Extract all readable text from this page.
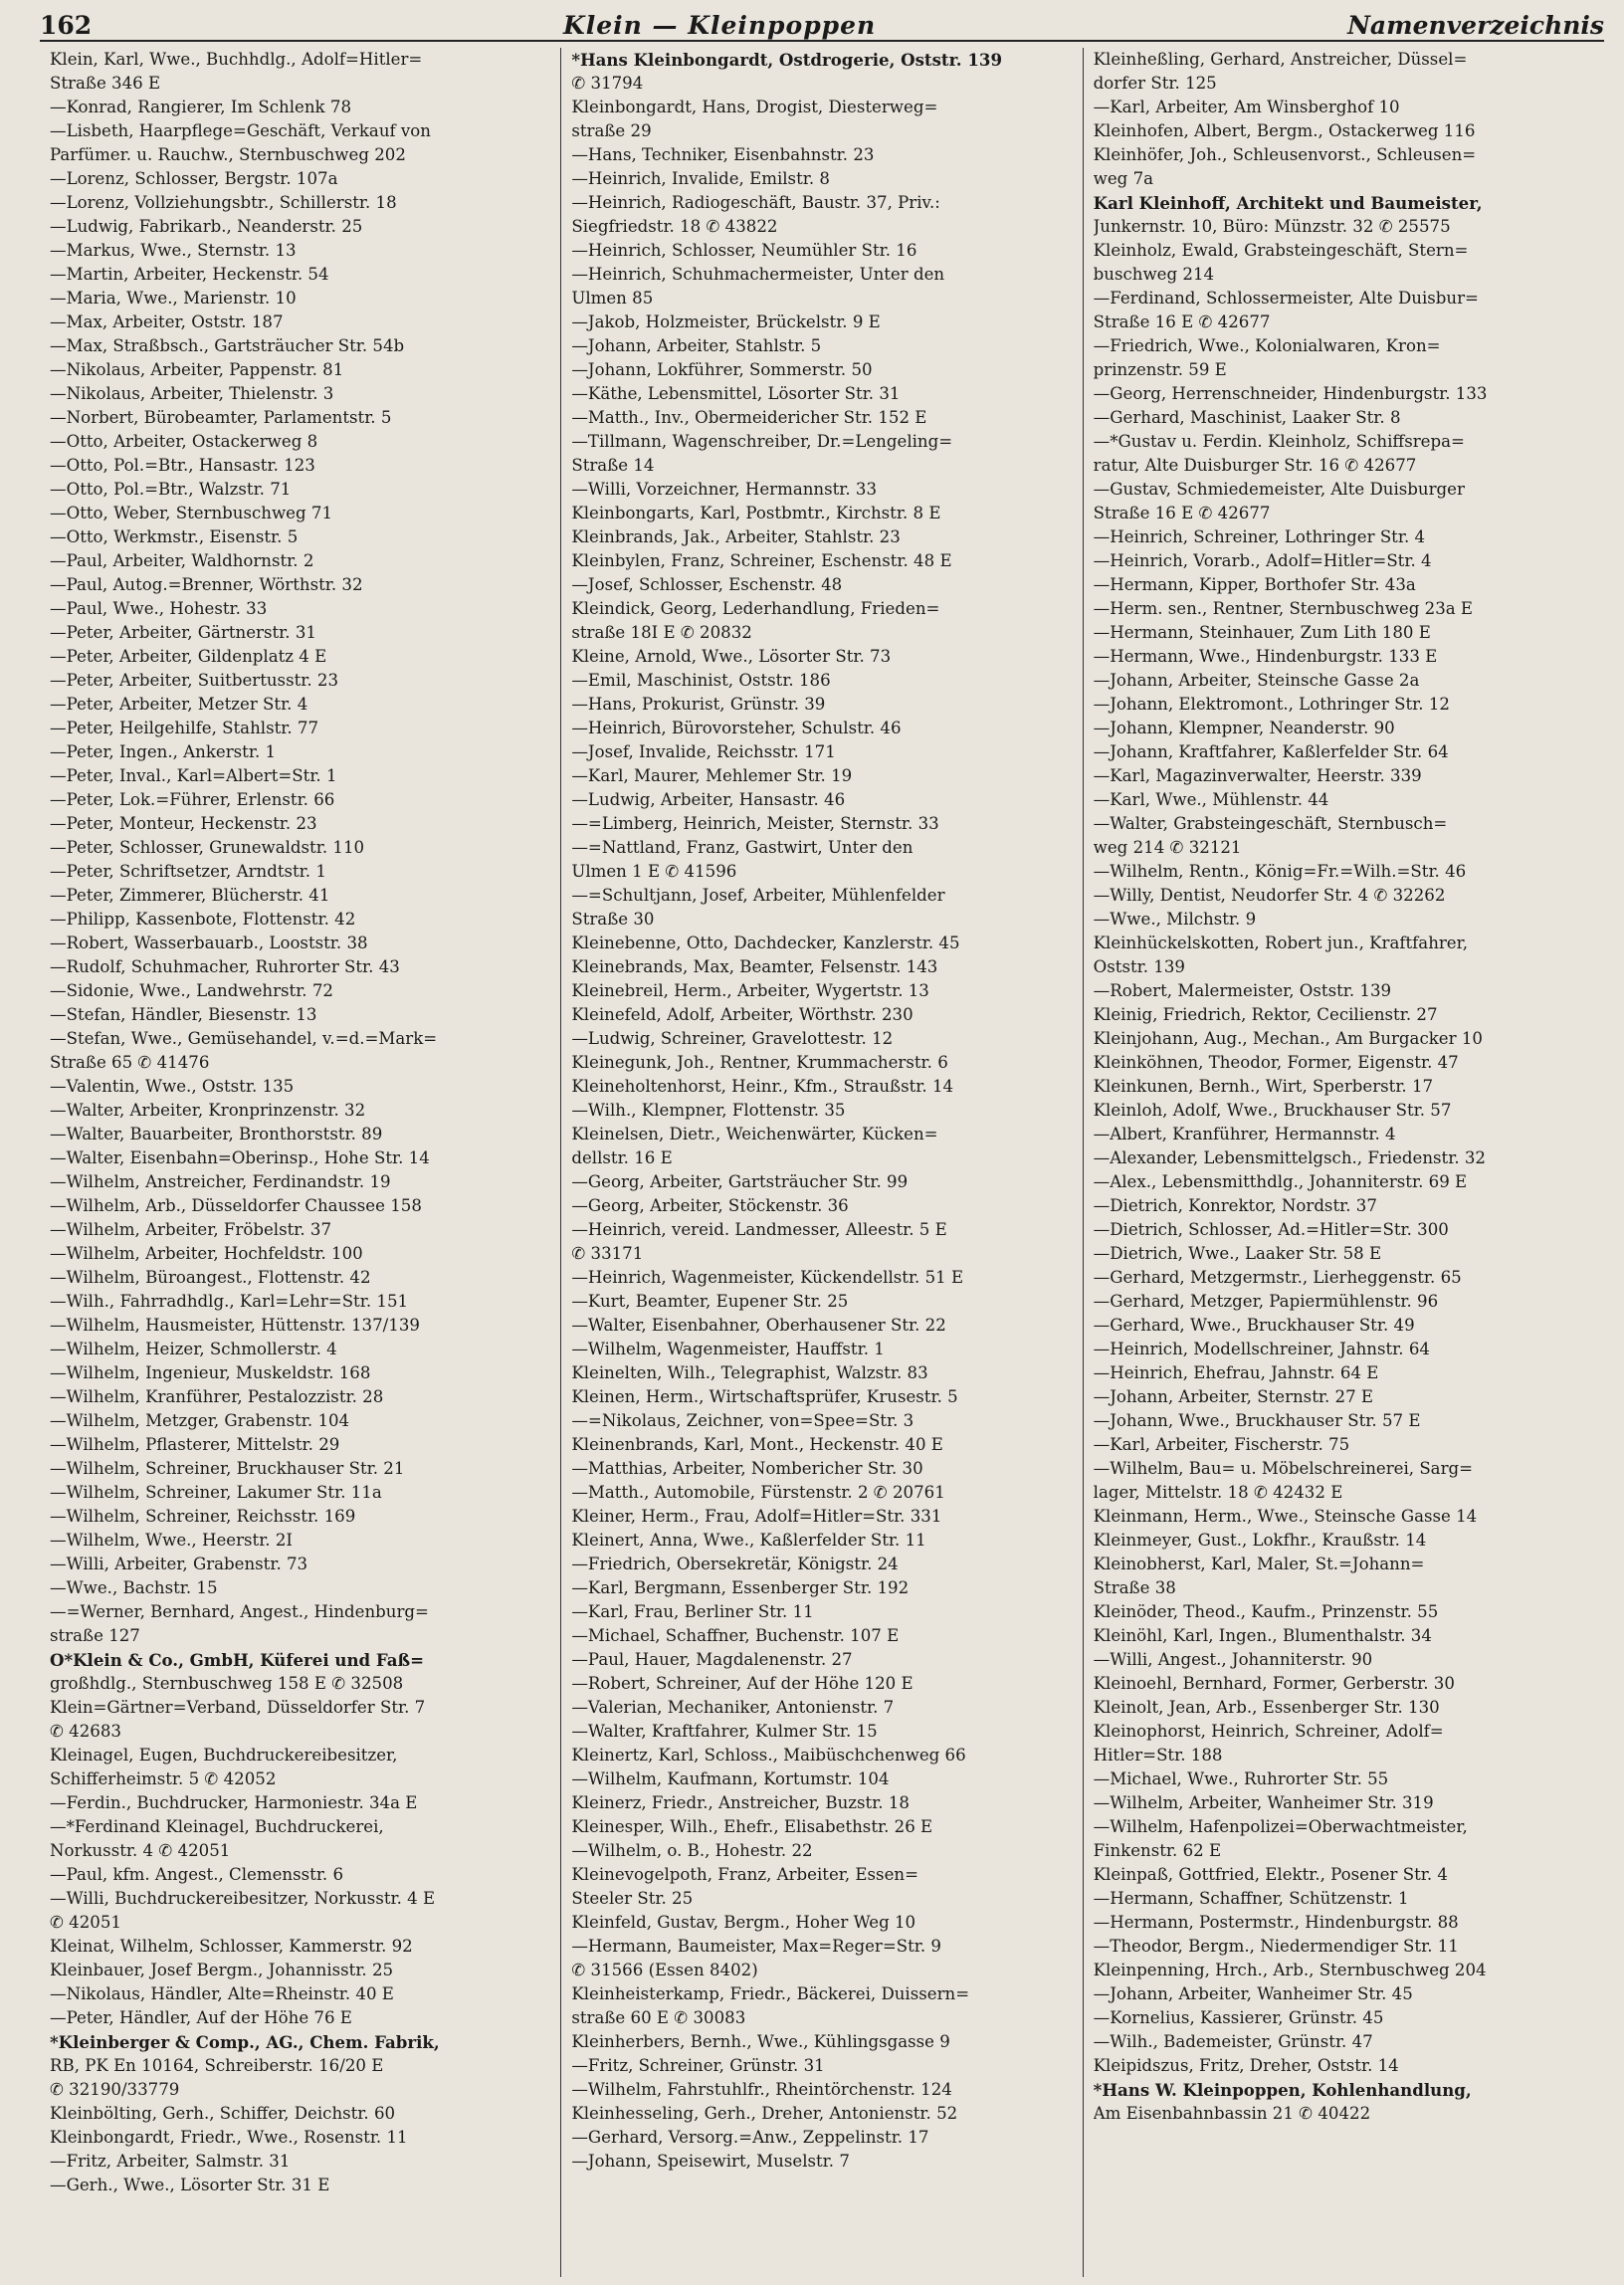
162	Klein — Kleinpoppen	Namenverzeichnis
Klein, Karl, Wwe., Buchhdlg., Adolf=Hitler=
Straße 346 E
—Konrad, Rangierer, Im Schlenk 78
—Lisbeth, Haarpflege=Geschäft, Verkauf von
Parfümer. u. Rauchw., Sternbuschweg 202
—Lorenz, Schlosser, Bergstr. 107a
—Lorenz, Vollziehungsbtr., Schillerstr. 18
—Ludwig, Fabrikarb., Neanderstr. 25
—Markus, Wwe., Sternstr. 13
—Martin, Arbeiter, Heckenstr. 54
—Maria, Wwe., Marienstr. 10
—Max, Arbeiter, Oststr. 187
—Max, Straßbsch., Gartsträucher Str. 54b
—Nikolaus, Arbeiter, Pappenstr. 81
—Nikolaus, Arbeiter, Thielenstr. 3
—Norbert, Bürobeamter, Parlamentstr. 5
—Otto, Arbeiter, Ostackerweg 8
—Otto, Pol.=Btr., Hansastr. 123
—Otto, Pol.=Btr., Walzstr. 71
—Otto, Weber, Sternbuschweg 71
—Otto, Werkmstr., Eisenstr. 5
—Paul, Arbeiter, Waldhornstr. 2
—Paul, Autog.=Brenner, Wörthstr. 32
—Paul, Wwe., Hohestr. 33
—Peter, Arbeiter, Gärtnerstr. 31
—Peter, Arbeiter, Gildenplatz 4 E
—Peter, Arbeiter, Suitbertusstr. 23
—Peter, Arbeiter, Metzer Str. 4
—Peter, Heilgehilfe, Stahlstr. 77
—Peter, Ingen., Ankerstr. 1
—Peter, Inval., Karl=Albert=Str. 1
—Peter, Lok.=Führer, Erlenstr. 66
—Peter, Monteur, Heckenstr. 23
—Peter, Schlosser, Grunewaldstr. 110
—Peter, Schriftsetzer, Arndtstr. 1
—Peter, Zimmerer, Blücherstr. 41
—Philipp, Kassenbote, Flottenstr. 42
—Robert, Wasserbauarb., Looststr. 38
—Rudolf, Schuhmacher, Ruhrorter Str. 43
—Sidonie, Wwe., Landwehrstr. 72
—Stefan, Händler, Biesenstr. 13
—Stefan, Wwe., Gemüsehandel, v.=d.=Mark=
Straße 65 ✆ 41476
—Valentin, Wwe., Oststr. 135
—Walter, Arbeiter, Kronprinzenstr. 32
—Walter, Bauarbeiter, Bronthorststr. 89
—Walter, Eisenbahn=Oberinsp., Hohe Str. 14
—Wilhelm, Anstreicher, Ferdinandstr. 19
—Wilhelm, Arb., Düsseldorfer Chaussee 158
—Wilhelm, Arbeiter, Fröbelstr. 37
—Wilhelm, Arbeiter, Hochfeldstr. 100
—Wilhelm, Büroangest., Flottenstr. 42
—Wilh., Fahrradhdlg., Karl=Lehr=Str. 151
—Wilhelm, Hausmeister, Hüttenstr. 137/139
—Wilhelm, Heizer, Schmollerstr. 4
—Wilhelm, Ingenieur, Muskeldstr. 168
—Wilhelm, Kranführer, Pestalozzistr. 28
—Wilhelm, Metzger, Grabenstr. 104
—Wilhelm, Pflasterer, Mittelstr. 29
—Wilhelm, Schreiner, Bruckhauser Str. 21
—Wilhelm, Schreiner, Lakumer Str. 11a
—Wilhelm, Schreiner, Reichsstr. 169
—Wilhelm, Wwe., Heerstr. 2I
—Willi, Arbeiter, Grabenstr. 73
—Wwe., Bachstr. 15
—=Werner, Bernhard, Angest., Hindenburg=
straße 127
O*Klein & Co., GmbH, Küferei und Faß=
großhdlg., Sternbuschweg 158 E ✆ 32508
Klein=Gärtner=Verband, Düsseldorfer Str. 7
✆ 42683
Kleinagel, Eugen, Buchdruckereibesitzer,
Schifferheimstr. 5 ✆ 42052
—Ferdin., Buchdrucker, Harmoniestr. 34a E
—*Ferdinand Kleinagel, Buchdruckerei,
Norkusstr. 4 ✆ 42051
—Paul, kfm. Angest., Clemensstr. 6
—Willi, Buchdruckereibesitzer, Norkusstr. 4 E
✆ 42051
Kleinat, Wilhelm, Schlosser, Kammerstr. 92
Kleinbauer, Josef Bergm., Johannisstr. 25
—Nikolaus, Händler, Alte=Rheinstr. 40 E
—Peter, Händler, Auf der Höhe 76 E
*Kleinberger & Comp., AG., Chem. Fabrik,
RB, PK En 10164, Schreiberstr. 16/20 E
✆ 32190/33779
Kleinbölting, Gerh., Schiffer, Deichstr. 60
Kleinbongardt, Friedr., Wwe., Rosenstr. 11
—Fritz, Arbeiter, Salmstr. 31
—Gerh., Wwe., Lösorter Str. 31 E
*Hans Kleinbongardt, Ostdrogerie, Oststr. 139
✆ 31794
Kleinbongardt, Hans, Drogist, Diesterweg=
straße 29
—Hans, Techniker, Eisenbahnstr. 23
—Heinrich, Invalide, Emilstr. 8
—Heinrich, Radiogeschäft, Baustr. 37, Priv.:
Siegfriedstr. 18 ✆ 43822
—Heinrich, Schlosser, Neumühler Str. 16
—Heinrich, Schuhmachermeister, Unter den
Ulmen 85
—Jakob, Holzmeister, Brückelstr. 9 E
—Johann, Arbeiter, Stahlstr. 5
—Johann, Lokführer, Sommerstr. 50
—Käthe, Lebensmittel, Lösorter Str. 31
—Matth., Inv., Obermeidericher Str. 152 E
—Tillmann, Wagenschreiber, Dr.=Lengeling=
Straße 14
—Willi, Vorzeichner, Hermannstr. 33
Kleinbongarts, Karl, Postbmtr., Kirchstr. 8 E
Kleinbrands, Jak., Arbeiter, Stahlstr. 23
Kleinbylen, Franz, Schreiner, Eschenstr. 48 E
—Josef, Schlosser, Eschenstr. 48
Kleindick, Georg, Lederhandlung, Frieden=
straße 18I E ✆ 20832
Kleine, Arnold, Wwe., Lösorter Str. 73
—Emil, Maschinist, Oststr. 186
—Hans, Prokurist, Grünstr. 39
—Heinrich, Bürovorsteher, Schulstr. 46
—Josef, Invalide, Reichsstr. 171
—Karl, Maurer, Mehlemer Str. 19
—Ludwig, Arbeiter, Hansastr. 46
—=Limberg, Heinrich, Meister, Sternstr. 33
—=Nattland, Franz, Gastwirt, Unter den
Ulmen 1 E ✆ 41596
—=Schultjann, Josef, Arbeiter, Mühlenfelder
Straße 30
Kleinebenne, Otto, Dachdecker, Kanzlerstr. 45
Kleinebrands, Max, Beamter, Felsenstr. 143
Kleinebreil, Herm., Arbeiter, Wygertstr. 13
Kleinefeld, Adolf, Arbeiter, Wörthstr. 230
—Ludwig, Schreiner, Gravelottestr. 12
Kleinegunk, Joh., Rentner, Krummacherstr. 6
Kleineholtenhorst, Heinr., Kfm., Straußstr. 14
—Wilh., Klempner, Flottenstr. 35
Kleinelsen, Dietr., Weichenwärter, Kücken=
dellstr. 16 E
—Georg, Arbeiter, Gartsträucher Str. 99
—Georg, Arbeiter, Stöckenstr. 36
—Heinrich, vereid. Landmesser, Alleestr. 5 E
✆ 33171
—Heinrich, Wagenmeister, Kückendellstr. 51 E
—Kurt, Beamter, Eupener Str. 25
—Walter, Eisenbahner, Oberhausener Str. 22
—Wilhelm, Wagenmeister, Hauffstr. 1
Kleinelten, Wilh., Telegraphist, Walzstr. 83
Kleinen, Herm., Wirtschaftsprüfer, Krusestr. 5
—=Nikolaus, Zeichner, von=Spee=Str. 3
Kleinenbrands, Karl, Mont., Heckenstr. 40 E
—Matthias, Arbeiter, Nombericher Str. 30
—Matth., Automobile, Fürstenstr. 2 ✆ 20761
Kleiner, Herm., Frau, Adolf=Hitler=Str. 331
Kleinert, Anna, Wwe., Kaßlerfelder Str. 11
—Friedrich, Obersekretär, Königstr. 24
—Karl, Bergmann, Essenberger Str. 192
—Karl, Frau, Berliner Str. 11
—Michael, Schaffner, Buchenstr. 107 E
—Paul, Hauer, Magdalenenstr. 27
—Robert, Schreiner, Auf der Höhe 120 E
—Valerian, Mechaniker, Antonienstr. 7
—Walter, Kraftfahrer, Kulmer Str. 15
Kleinertz, Karl, Schloss., Maibüschchenweg 66
—Wilhelm, Kaufmann, Kortumstr. 104
Kleinerz, Friedr., Anstreicher, Buzstr. 18
Kleinesper, Wilh., Ehefr., Elisabethstr. 26 E
—Wilhelm, o. B., Hohestr. 22
Kleinevogelpoth, Franz, Arbeiter, Essen=
Steeler Str. 25
Kleinfeld, Gustav, Bergm., Hoher Weg 10
—Hermann, Baumeister, Max=Reger=Str. 9
✆ 31566 (Essen 8402)
Kleinheisterkamp, Friedr., Bäckerei, Duissern=
straße 60 E ✆ 30083
Kleinherbers, Bernh., Wwe., Kühlingsgasse 9
—Fritz, Schreiner, Grünstr. 31
—Wilhelm, Fahrstuhlfr., Rheintörchenstr. 124
Kleinhesseling, Gerh., Dreher, Antonienstr. 52
—Gerhard, Versorg.=Anw., Zeppelinstr. 17
—Johann, Speisewirt, Muselstr. 7
Kleinheßling, Gerhard, Anstreicher, Düssel=
dorfer Str. 125
—Karl, Arbeiter, Am Winsberghof 10
Kleinhofen, Albert, Bergm., Ostackerweg 116
Kleinhöfer, Joh., Schleusenvorst., Schleusen=
weg 7a
Karl Kleinhoff, Architekt und Baumeister,
Junkernstr. 10, Büro: Münzstr. 32 ✆ 25575
Kleinholz, Ewald, Grabsteingeschäft, Stern=
buschweg 214
—Ferdinand, Schlossermeister, Alte Duisbur=
Straße 16 E ✆ 42677
—Friedrich, Wwe., Kolonialwaren, Kron=
prinzenstr. 59 E
—Georg, Herrenschneider, Hindenburgstr. 133
—Gerhard, Maschinist, Laaker Str. 8
—*Gustav u. Ferdin. Kleinholz, Schiffsrepa=
ratur, Alte Duisburger Str. 16 ✆ 42677
—Gustav, Schmiedemeister, Alte Duisburger
Straße 16 E ✆ 42677
—Heinrich, Schreiner, Lothringer Str. 4
—Heinrich, Vorarb., Adolf=Hitler=Str. 4
—Hermann, Kipper, Borthofer Str. 43a
—Herm. sen., Rentner, Sternbuschweg 23a E
—Hermann, Steinhauer, Zum Lith 180 E
—Hermann, Wwe., Hindenburgstr. 133 E
—Johann, Arbeiter, Steinsche Gasse 2a
—Johann, Elektromont., Lothringer Str. 12
—Johann, Klempner, Neanderstr. 90
—Johann, Kraftfahrer, Kaßlerfelder Str. 64
—Karl, Magazinverwalter, Heerstr. 339
—Karl, Wwe., Mühlenstr. 44
—Walter, Grabsteingeschäft, Sternbusch=
weg 214 ✆ 32121
—Wilhelm, Rentn., König=Fr.=Wilh.=Str. 46
—Willy, Dentist, Neudorfer Str. 4 ✆ 32262
—Wwe., Milchstr. 9
Kleinhückelskotten, Robert jun., Kraftfahrer,
Oststr. 139
—Robert, Malermeister, Oststr. 139
Kleinig, Friedrich, Rektor, Cecilienstr. 27
Kleinjohann, Aug., Mechan., Am Burgacker 10
Kleinköhnen, Theodor, Former, Eigenstr. 47
Kleinkunen, Bernh., Wirt, Sperberstr. 17
Kleinloh, Adolf, Wwe., Bruckhauser Str. 57
—Albert, Kranführer, Hermannstr. 4
—Alexander, Lebensmittelgsch., Friedenstr. 32
—Alex., Lebensmitthdlg., Johanniterstr. 69 E
—Dietrich, Konrektor, Nordstr. 37
—Dietrich, Schlosser, Ad.=Hitler=Str. 300
—Dietrich, Wwe., Laaker Str. 58 E
—Gerhard, Metzgermstr., Lierheggenstr. 65
—Gerhard, Metzger, Papiermühlenstr. 96
—Gerhard, Wwe., Bruckhauser Str. 49
—Heinrich, Modellschreiner, Jahnstr. 64
—Heinrich, Ehefrau, Jahnstr. 64 E
—Johann, Arbeiter, Sternstr. 27 E
—Johann, Wwe., Bruckhauser Str. 57 E
—Karl, Arbeiter, Fischerstr. 75
—Wilhelm, Bau= u. Möbelschreinerei, Sarg=
lager, Mittelstr. 18 ✆ 42432 E
Kleinmann, Herm., Wwe., Steinsche Gasse 14
Kleinmeyer, Gust., Lokfhr., Kraußstr. 14
Kleinobherst, Karl, Maler, St.=Johann=
Straße 38
Kleinöder, Theod., Kaufm., Prinzenstr. 55
Kleinöhl, Karl, Ingen., Blumenthalstr. 34
—Willi, Angest., Johanniterstr. 90
Kleinoehl, Bernhard, Former, Gerberstr. 30
Kleinolt, Jean, Arb., Essenberger Str. 130
Kleinophorst, Heinrich, Schreiner, Adolf=
Hitler=Str. 188
—Michael, Wwe., Ruhrorter Str. 55
—Wilhelm, Arbeiter, Wanheimer Str. 319
—Wilhelm, Hafenpolizei=Oberwachtmeister,
Finkenstr. 62 E
Kleinpaß, Gottfried, Elektr., Posener Str. 4
—Hermann, Schaffner, Schützenstr. 1
—Hermann, Postermstr., Hindenburgstr. 88
—Theodor, Bergm., Niedermendiger Str. 11
Kleinpenning, Hrch., Arb., Sternbuschweg 204
—Johann, Arbeiter, Wanheimer Str. 45
—Kornelius, Kassierer, Grünstr. 45
—Wilh., Bademeister, Grünstr. 47
Kleipidszus, Fritz, Dreher, Oststr. 14
*Hans W. Kleinpoppen, Kohlenhandlung,
Am Eisenbahnbassin 21 ✆ 40422
